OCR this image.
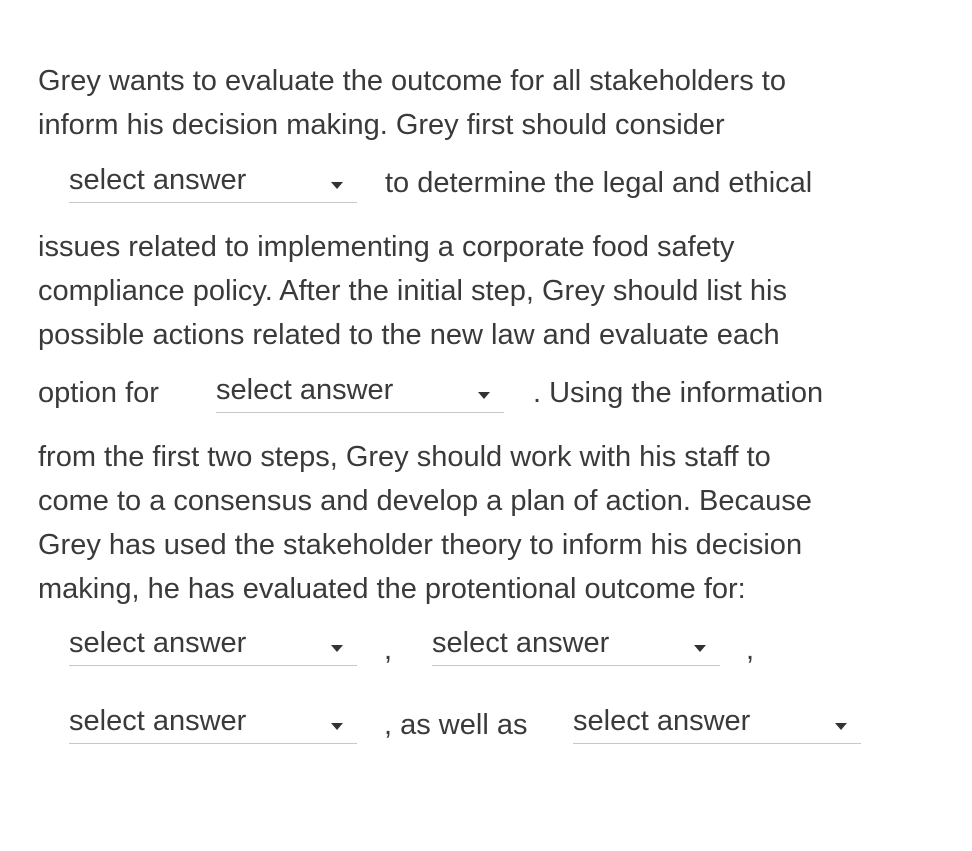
Grey wants to evaluate the outcome for all stakeholders to
inform his decision making. Grey first should consider
select answer	to determine the legal and ethical
issues related to implementing a corporate food safety
compliance policy. After the initial step, Grey should list his
possible actions related to the new law and evaluate each
option for select answer	. Using the information
from the first two steps, Grey should work with his staff to
come to a consensus and develop a plan of action. Because
Grey has used the stakeholder theory to inform his decision
making, he has evaluated the protentional outcome for:
select answer	, select answer	,
select answer	, as well as select answer
